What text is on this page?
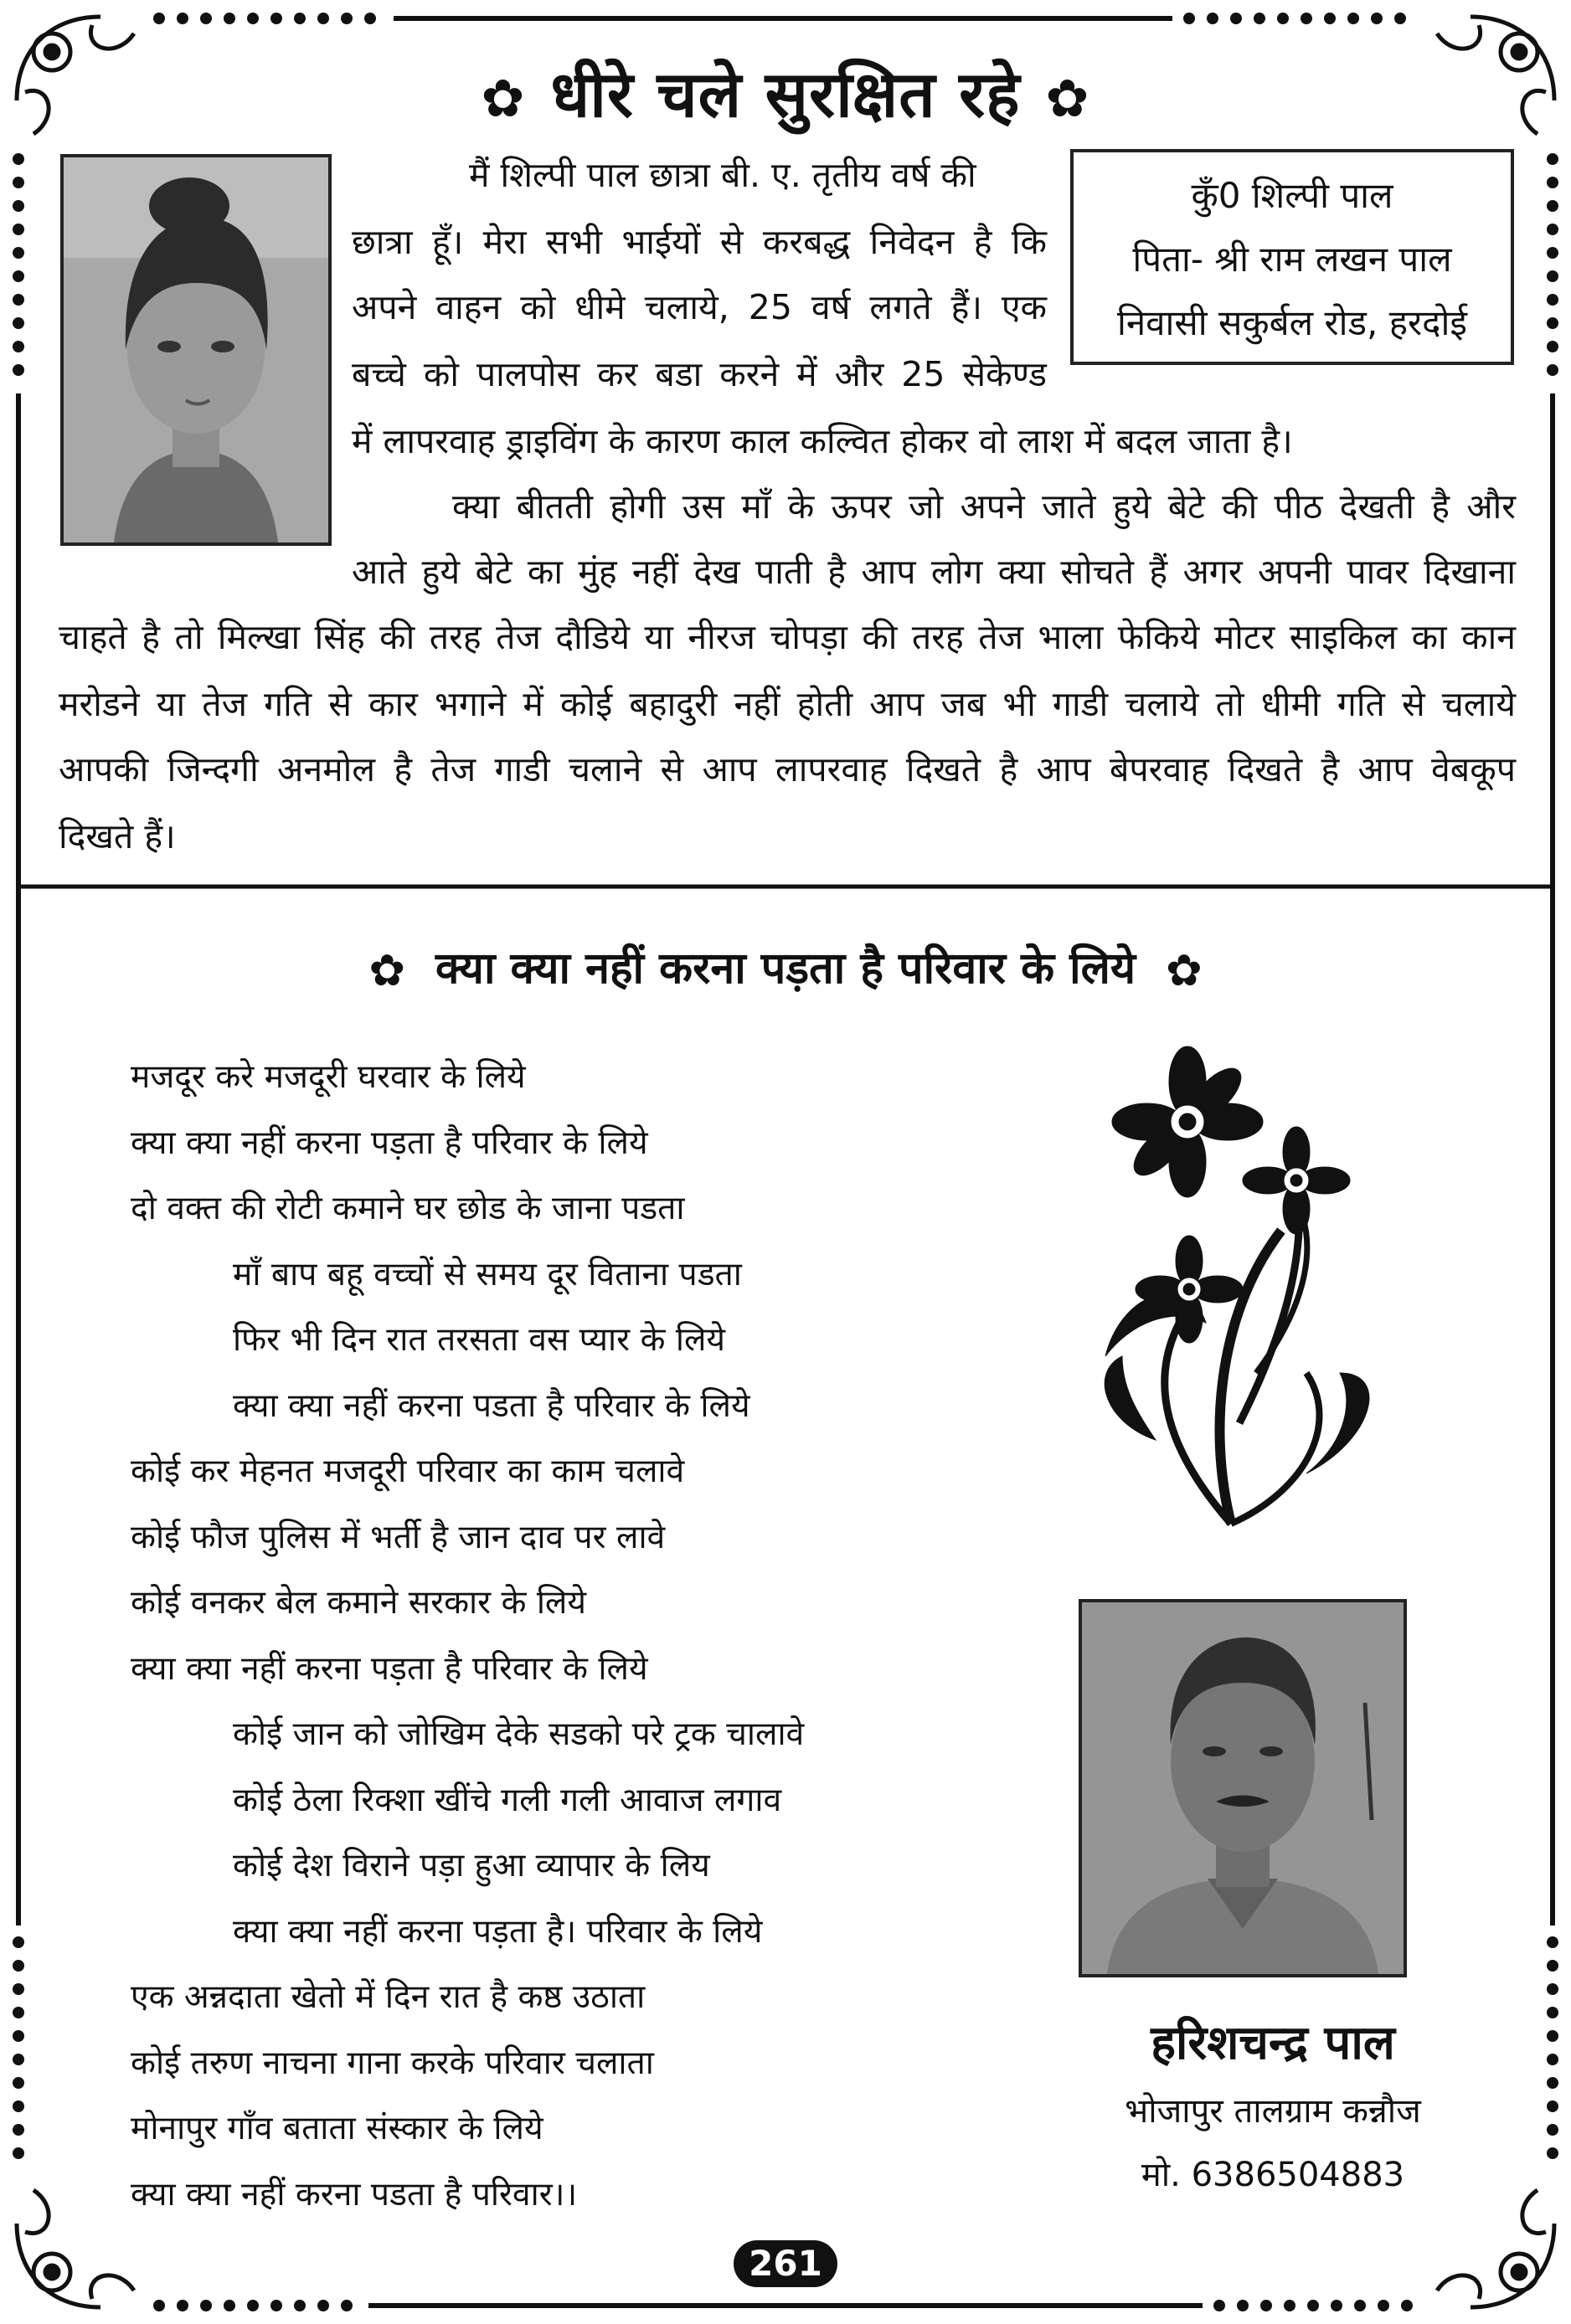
✿ धीरे चले सुरक्षित रहे ✿
कुँ0 शिल्पी पाल
पिता- श्री राम लखन पाल
निवासी सकुर्बल रोड, हरदोई
मैं शिल्पी पाल छात्रा बी. ए. तृतीय वर्ष की
छात्रा हूँ। मेरा सभी भाईयों से करबद्ध निवेदन है कि
अपने वाहन को धीमे चलाये, 25 वर्ष लगते हैं। एक
बच्चे को पालपोस कर बडा करने में और 25 सेकेण्ड
में लापरवाह ड्राइविंग के कारण काल कल्वित होकर वो लाश में बदल जाता है।
क्या बीतती होगी उस माँ के ऊपर जो अपने जाते हुये बेटे की पीठ देखती है और
आते हुये बेटे का मुंह नहीं देख पाती है आप लोग क्या सोचते हैं अगर अपनी पावर दिखाना
चाहते है तो मिल्खा सिंह की तरह तेज दौडिये या नीरज चोपड़ा की तरह तेज भाला फेकिये मोटर साइकिल का कान
मरोडने या तेज गति से कार भगाने में कोई बहादुरी नहीं होती आप जब भी गाडी चलाये तो धीमी गति से चलाये
आपकी जिन्दगी अनमोल है तेज गाडी चलाने से आप लापरवाह दिखते है आप बेपरवाह दिखते है आप वेबकूप
दिखते हैं।
✿ क्या क्या नहीं करना पड़ता है परिवार के लिये ✿
मजदूर करे मजदूरी घरवार के लिये
क्या क्या नहीं करना पड़ता है परिवार के लिये
दो वक्त की रोटी कमाने घर छोड के जाना पडता
माँ बाप बहू वच्चों से समय दूर विताना पडता
फिर भी दिन रात तरसता वस प्यार के लिये
क्या क्या नहीं करना पडता है परिवार के लिये
कोई कर मेहनत मजदूरी परिवार का काम चलावे
कोई फौज पुलिस में भर्ती है जान दाव पर लावे
कोई वनकर बेल कमाने सरकार के लिये
क्या क्या नहीं करना पड़ता है परिवार के लिये
कोई जान को जोखिम देके सडको परे ट्रक चालावे
कोई ठेला रिक्शा खींचे गली गली आवाज लगाव
कोई देश विराने पड़ा हुआ व्यापार के लिय
क्या क्या नहीं करना पड़ता है। परिवार के लिये
एक अन्नदाता खेतो में दिन रात है कष्ठ उठाता
कोई तरुण नाचना गाना करके परिवार चलाता
मोनापुर गाँव बताता संस्कार के लिये
क्या क्या नहीं करना पडता है परिवार।।
हरिशचन्द्र पाल
भोजापुर तालग्राम कन्नौज
मो. 6386504883
261
